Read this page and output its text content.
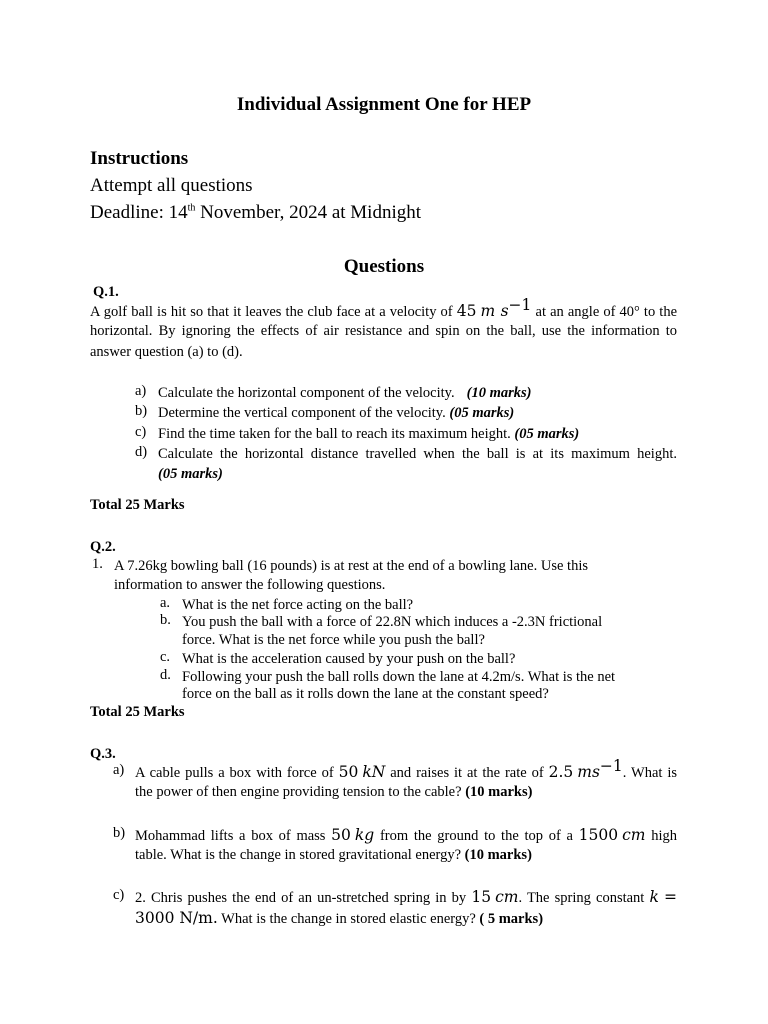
Individual Assignment One for HEP
Instructions
Attempt all questions
Deadline: 14th November, 2024 at Midnight
Questions
Q.1.
A golf ball is hit so that it leaves the club face at a velocity of 45 m $s^{-1}$ at an angle of 40° to the
horizontal. By ignoring the effects of air resistance and spin on the ball, use the information to
answer question (a) to (d).
a) Calculate the horizontal component of the velocity. (10 marks)
b) Determine the vertical component of the velocity. (05 marks)
c) Find the time taken for the ball to reach its maximum height. (05 marks)
d) Calculate the horizontal distance travelled when the ball is at its maximum height.
(05 marks)
Total 25 Marks
Q.2.
1. A 7.26kg bowling ball (16 pounds) is at rest at the end of a bowling lane. Use this
information to answer the following questions.
a. What is the net force acting on the ball?
b. You push the ball with a force of 22.8N which induces a -2.3N frictional
force. What is the net force while you push the ball?
c. What is the acceleration caused by your push on the ball?
d. Following your push the ball rolls down the lane at 4.2m/s. What is the net
force on the ball as it rolls down the lane at the constant speed?
Total 25 Marks
Q.3.
a) A cable pulls a box with force of 50 kN and raises it at the rate of 2.5 $ms^{-1}$. What is
the power of then engine providing tension to the cable? (10 marks)
b) Mohammad lifts a box of mass 50 kg from the ground to the top of a 1500 cm high
table. What is the change in stored gravitational energy? (10 marks)
c) 2. Chris pushes the end of an un-stretched spring in by 15 cm. The spring constant k =
3000 N/m. What is the change in stored elastic energy? ( 5 marks)
